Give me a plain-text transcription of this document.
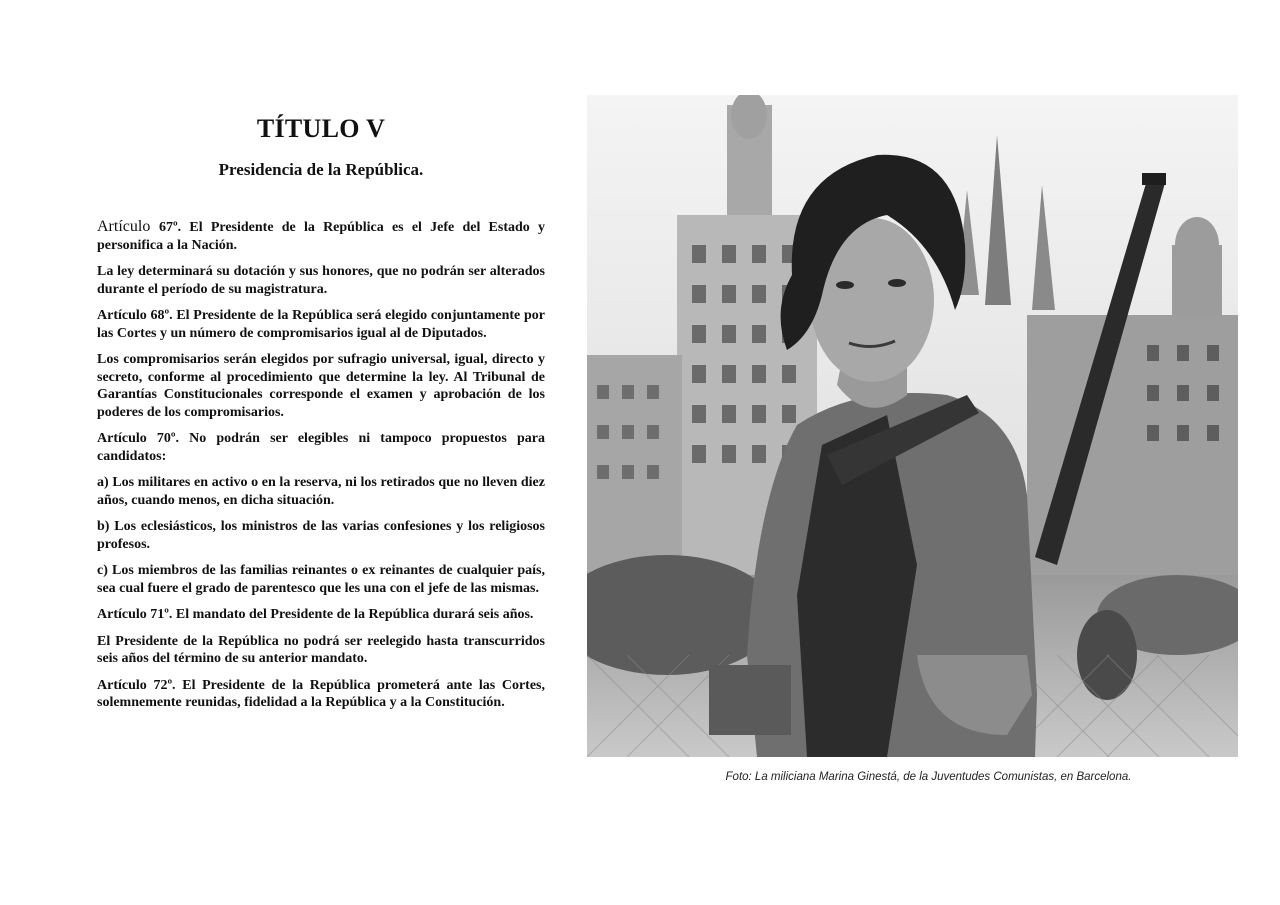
TÍTULO V
Presidencia de la República.

Artículo 67º. El Presidente de la República es el Jefe del Estado y personifica a la Nación.

La ley determinará su dotación y sus honores, que no podrán ser alterados durante el período de su magistratura.

Artículo 68º. El Presidente de la República será elegido conjuntamente por las Cortes y un número de compromisarios igual al de Diputados.

Los compromisarios serán elegidos por sufragio universal, igual, directo y secreto, conforme al procedimiento que determine la ley. Al Tribunal de Garantías Constitucionales corresponde el examen y aprobación de los poderes de los compromisarios.

Artículo 70º. No podrán ser elegibles ni tampoco propuestos para candidatos:

a) Los militares en activo o en la reserva, ni los retirados que no lleven diez años, cuando menos, en dicha situación.

b) Los eclesiásticos, los ministros de las varias confesiones y los religiosos profesos.

c) Los miembros de las familias reinantes o ex reinantes de cualquier país, sea cual fuere el grado de parentesco que les una con el jefe de las mismas.

Artículo 71º. El mandato del Presidente de la República durará seis años.

El Presidente de la República no podrá ser reelegido hasta transcurridos seis años del término de su anterior mandato.

Artículo 72º. El Presidente de la República prometerá ante las Cortes, solemnemente reunidas, fidelidad a la República y a la Constitución.

Foto: La miliciana Marina Ginestá, de la Juventudes Comunistas, en Barcelona.
